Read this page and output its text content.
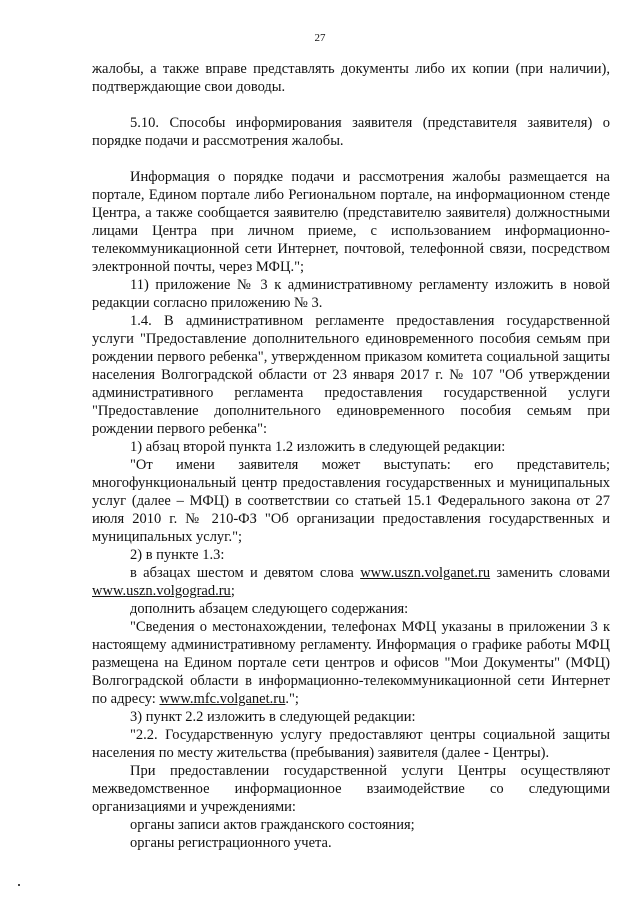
27

жалобы, а также вправе представлять документы либо их копии (при наличии), подтверждающие свои доводы.

5.10. Способы информирования заявителя (представителя заявителя) о порядке подачи и рассмотрения жалобы.

Информация о порядке подачи и рассмотрения жалобы размещается на портале, Едином портале либо Региональном портале, на информационном стенде Центра, а также сообщается заявителю (представителю заявителя) должностными лицами Центра при личном приеме, с использованием информационно-телекоммуникационной сети Интернет, почтовой, телефонной связи, посредством электронной почты, через МФЦ.";

11) приложение № 3 к административному регламенту изложить в новой редакции согласно приложению № 3.

1.4. В административном регламенте предоставления государственной услуги "Предоставление дополнительного единовременного пособия семьям при рождении первого ребенка", утвержденном приказом комитета социальной защиты населения Волгоградской области от 23 января 2017 г. № 107 "Об утверждении административного регламента предоставления государственной услуги "Предоставление дополнительного единовременного пособия семьям при рождении первого ребенка":

1) абзац второй пункта 1.2 изложить в следующей редакции:

"От имени заявителя может выступать: его представитель; многофункциональный центр предоставления государственных и муниципальных услуг (далее – МФЦ) в соответствии со статьей 15.1 Федерального закона от 27 июля 2010 г. № 210-ФЗ "Об организации предоставления государственных и муниципальных услуг.";

2) в пункте 1.3:

в абзацах шестом и девятом слова www.uszn.volganet.ru заменить словами www.uszn.volgograd.ru;

дополнить абзацем следующего содержания:

"Сведения о местонахождении, телефонах МФЦ указаны в приложении 3 к настоящему административному регламенту. Информация о графике работы МФЦ размещена на Едином портале сети центров и офисов "Мои Документы" (МФЦ) Волгоградской области в информационно-телекоммуникационной сети Интернет по адресу: www.mfc.volganet.ru.";

3) пункт 2.2 изложить в следующей редакции:

"2.2. Государственную услугу предоставляют центры социальной защиты населения по месту жительства (пребывания) заявителя (далее - Центры).

При предоставлении государственной услуги Центры осуществляют межведомственное информационное взаимодействие со следующими организациями и учреждениями:

органы записи актов гражданского состояния;

органы регистрационного учета.
